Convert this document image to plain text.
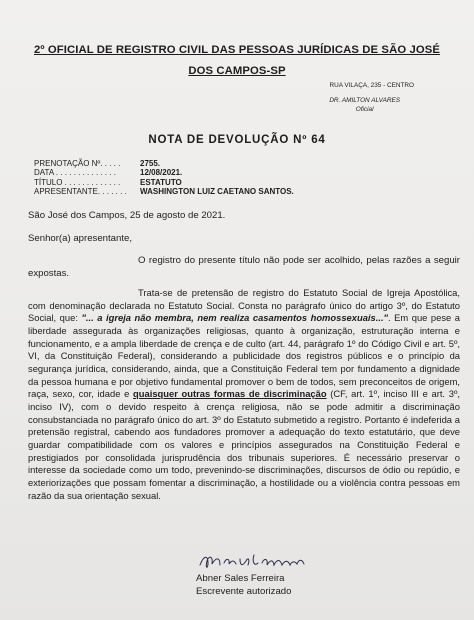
2º OFICIAL DE REGISTRO CIVIL DAS PESSOAS JURÍDICAS DE SÃO JOSÉ
DOS CAMPOS-SP
RUA VILAÇA, 235 - CENTRO
DR. AMILTON ALVARES
Oficial
NOTA DE DEVOLUÇÃO Nº 64
PRENOTAÇÃO Nº. . . . .	2755.
DATA . . . . . . . . . . . . . .	12/08/2021.
TÍTULO . . . . . . . . . . . . .	ESTATUTO
APRESENTANTE. . . . . . .	WASHINGTON LUIZ CAETANO SANTOS.
São José dos Campos, 25 de agosto de 2021.
Senhor(a) apresentante,
O registro do presente título não pode ser acolhido, pelas razões a seguir expostas.
Trata-se de pretensão de registro do Estatuto Social de Igreja Apostólica, com denominação declarada no Estatuto Social. Consta no parágrafo único do artigo 3º, do Estatuto Social, que: "... a igreja não membra, nem realiza casamentos homossexuais...". Em que pese a liberdade assegurada às organizações religiosas, quanto à organização, estruturação interna e funcionamento, e a ampla liberdade de crença e de culto (art. 44, parágrafo 1º do Código Civil e art. 5º, VI, da Constituição Federal), considerando a publicidade dos registros públicos e o princípio da segurança jurídica, considerando, ainda, que a Constituição Federal tem por fundamento a dignidade da pessoa humana e por objetivo fundamental promover o bem de todos, sem preconceitos de origem, raça, sexo, cor, idade e quaisquer outras formas de discriminação (CF, art. 1º, inciso III e art. 3º, inciso IV), com o devido respeito à crença religiosa, não se pode admitir a discriminação consubstanciada no parágrafo único do art. 3º do Estatuto submetido a registro. Portanto é indeferida a pretensão registral, cabendo aos fundadores promover a adequação do texto estatutário, que deve guardar compatibilidade com os valores e princípios assegurados na Constituição Federal e prestigiados por consolidada jurisprudência dos tribunais superiores. É necessário preservar o interesse da sociedade como um todo, prevenindo-se discriminações, discursos de ódio ou repúdio, e exteriorizações que possam fomentar a discriminação, a hostilidade ou a violência contra pessoas em razão da sua orientação sexual.
Abner Sales Ferreira
Escrevente autorizado
